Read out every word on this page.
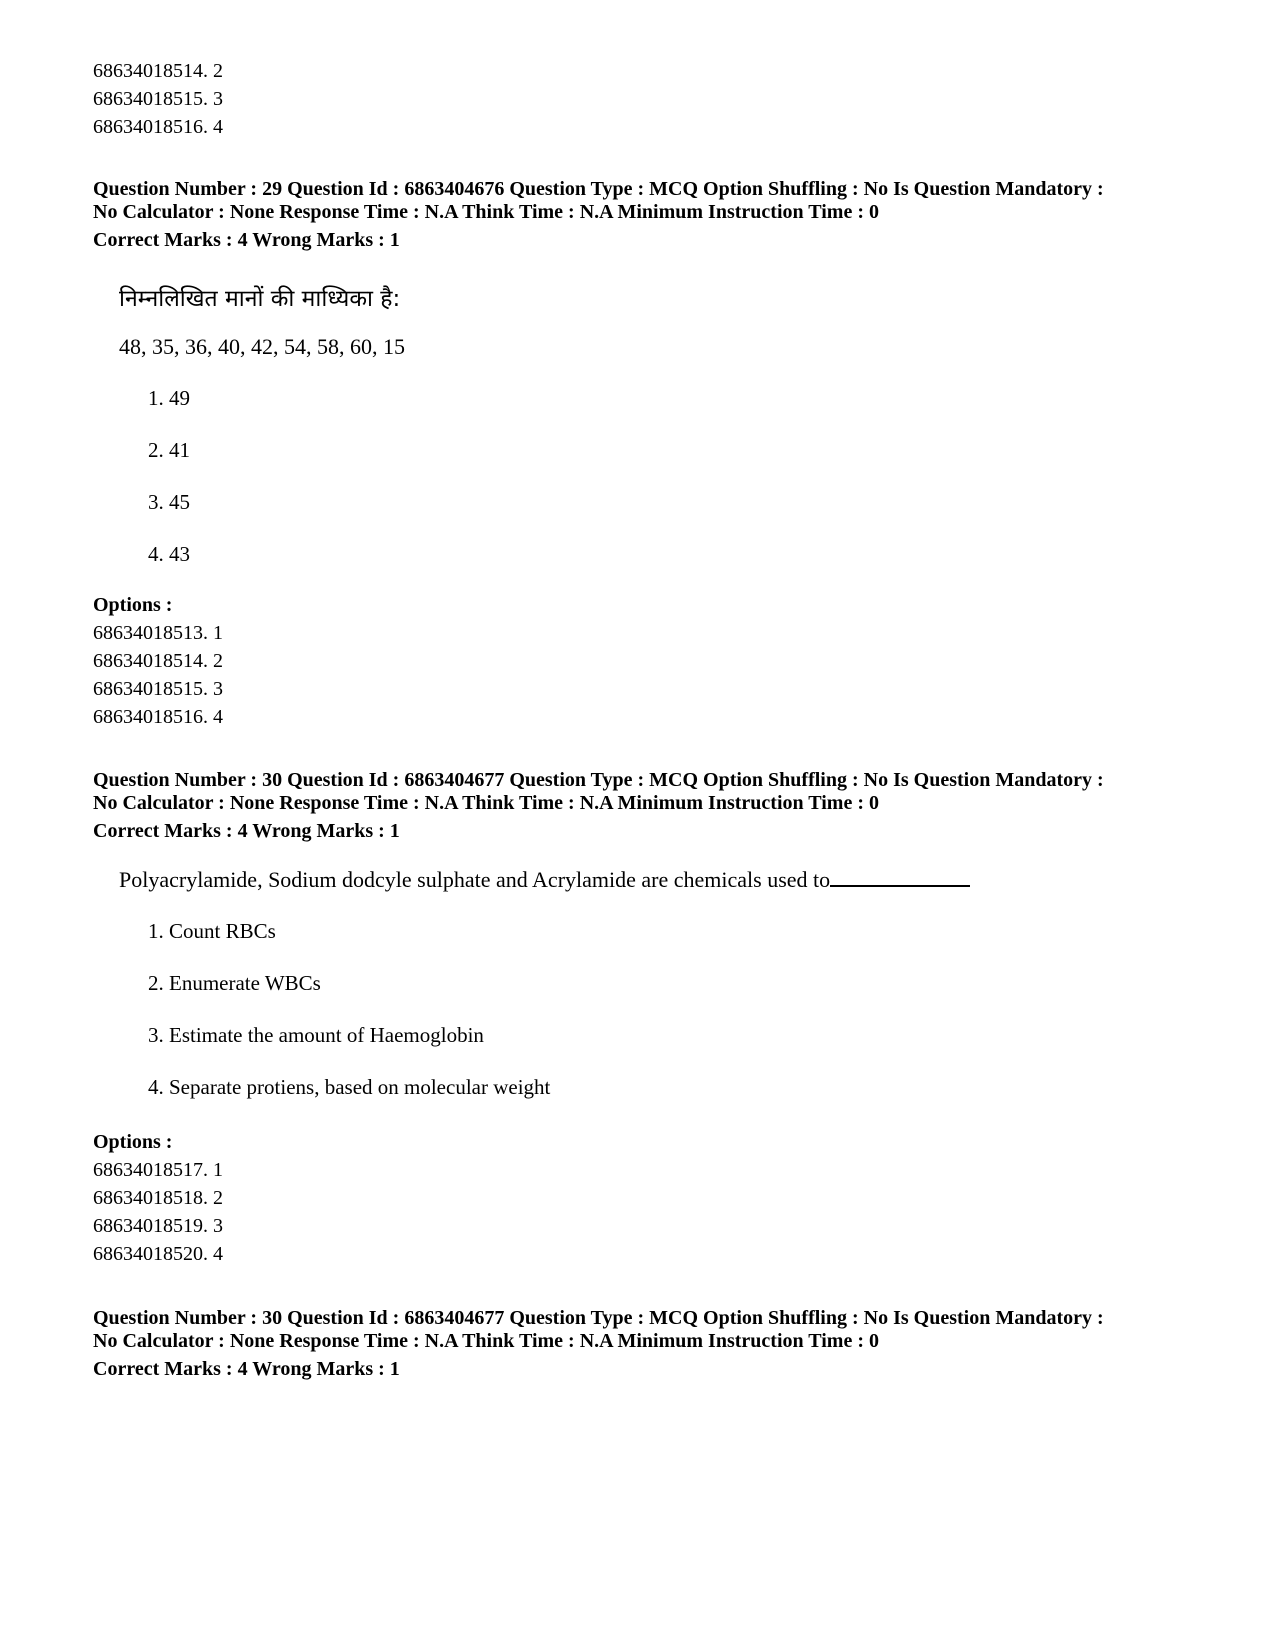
68634018514. 2
68634018515. 3
68634018516. 4
Question Number : 29 Question Id : 6863404676 Question Type : MCQ Option Shuffling : No Is Question Mandatory :
No Calculator : None Response Time : N.A Think Time : N.A Minimum Instruction Time : 0
Correct Marks : 4 Wrong Marks : 1
निम्नलिखित मानों की माध्यिका है:
48, 35, 36, 40, 42, 54, 58, 60, 15
1. 49
2. 41
3. 45
4. 43
Options :
68634018513. 1
68634018514. 2
68634018515. 3
68634018516. 4
Question Number : 30 Question Id : 6863404677 Question Type : MCQ Option Shuffling : No Is Question Mandatory :
No Calculator : None Response Time : N.A Think Time : N.A Minimum Instruction Time : 0
Correct Marks : 4 Wrong Marks : 1
Polyacrylamide, Sodium dodcyle sulphate and Acrylamide are chemicals used to
1. Count RBCs
2. Enumerate WBCs
3. Estimate the amount of Haemoglobin
4. Separate protiens, based on molecular weight
Options :
68634018517. 1
68634018518. 2
68634018519. 3
68634018520. 4
Question Number : 30 Question Id : 6863404677 Question Type : MCQ Option Shuffling : No Is Question Mandatory :
No Calculator : None Response Time : N.A Think Time : N.A Minimum Instruction Time : 0
Correct Marks : 4 Wrong Marks : 1
